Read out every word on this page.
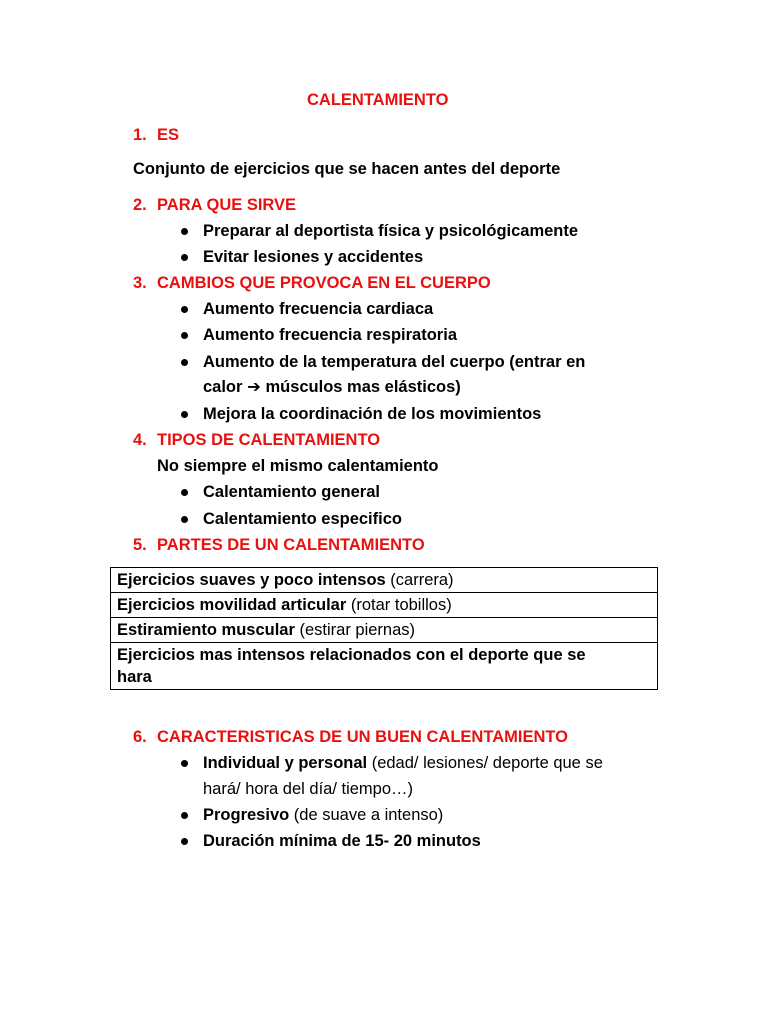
CALENTAMIENTO
1. ES
Conjunto de ejercicios que se hacen antes del deporte
2. PARA QUE SIRVE
Preparar al deportista física y psicológicamente
Evitar lesiones y accidentes
3. CAMBIOS QUE PROVOCA EN EL CUERPO
Aumento frecuencia cardiaca
Aumento frecuencia respiratoria
Aumento de la temperatura del cuerpo (entrar en
calor ➔ músculos mas elásticos)
Mejora la coordinación de los movimientos
4. TIPOS DE CALENTAMIENTO
No siempre el mismo calentamiento
Calentamiento general
Calentamiento especifico
5. PARTES DE UN CALENTAMIENTO
Ejercicios suaves y poco intensos (carrera)
Ejercicios movilidad articular (rotar tobillos)
Estiramiento muscular (estirar piernas)
Ejercicios mas intensos relacionados con el deporte que se hara
6. CARACTERISTICAS DE UN BUEN CALENTAMIENTO
Individual y personal (edad/ lesiones/ deporte que se
hará/ hora del día/ tiempo…)
Progresivo (de suave a intenso)
Duración mínima de 15- 20 minutos
